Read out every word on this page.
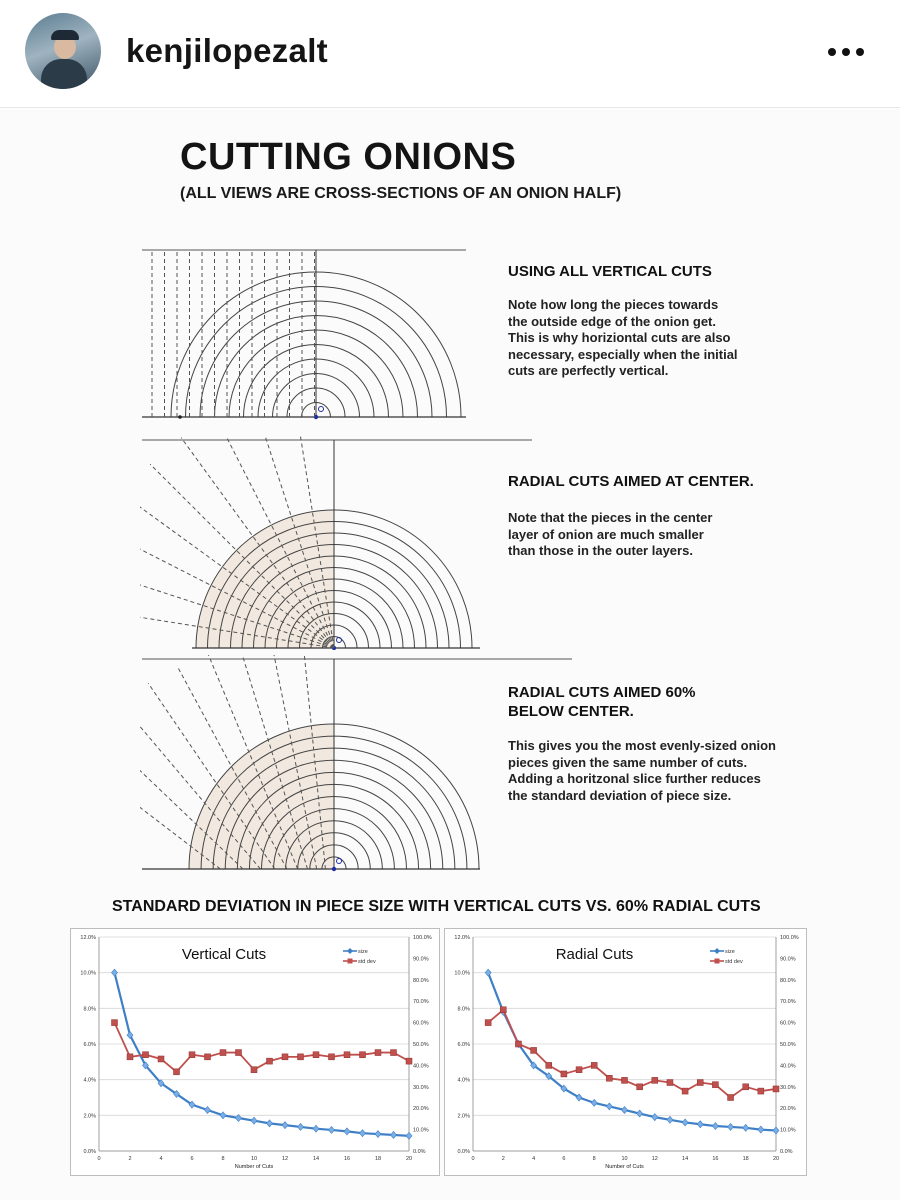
kenjilopezalt
CUTTING ONIONS
(ALL VIEWS ARE CROSS-SECTIONS OF AN ONION HALF)
USING ALL VERTICAL CUTS
Note how long the pieces towards
the outside edge of the onion get.
This is why horiziontal cuts are also
necessary, especially when the initial
cuts are perfectly vertical.
RADIAL CUTS AIMED AT CENTER.
Note that the pieces in the center
layer of onion are much smaller
than those in the outer layers.
RADIAL CUTS AIMED 60%
BELOW CENTER.
This gives you the most evenly-sized onion
pieces given the same number of cuts.
Adding a horitzonal slice further reduces
the standard deviation of piece size.
STANDARD DEVIATION IN PIECE SIZE WITH VERTICAL CUTS VS. 60% RADIAL CUTS
0.0%
2.0%
4.0%
6.0%
8.0%
10.0%
12.0%
0.0%
10.0%
20.0%
30.0%
40.0%
50.0%
60.0%
70.0%
80.0%
90.0%
100.0%
0	2	4	6	8	10	12	14	16	18	20
Number of Cuts
Vertical Cuts	size
std dev
0.0%
2.0%
4.0%
6.0%
8.0%
10.0%
12.0%
0.0%
10.0%
20.0%
30.0%
40.0%
50.0%
60.0%
70.0%
80.0%
90.0%
100.0%
0	2	4	6	8	10	12	14	16	18	20
Number of Cuts
Radial Cuts	size
std dev
